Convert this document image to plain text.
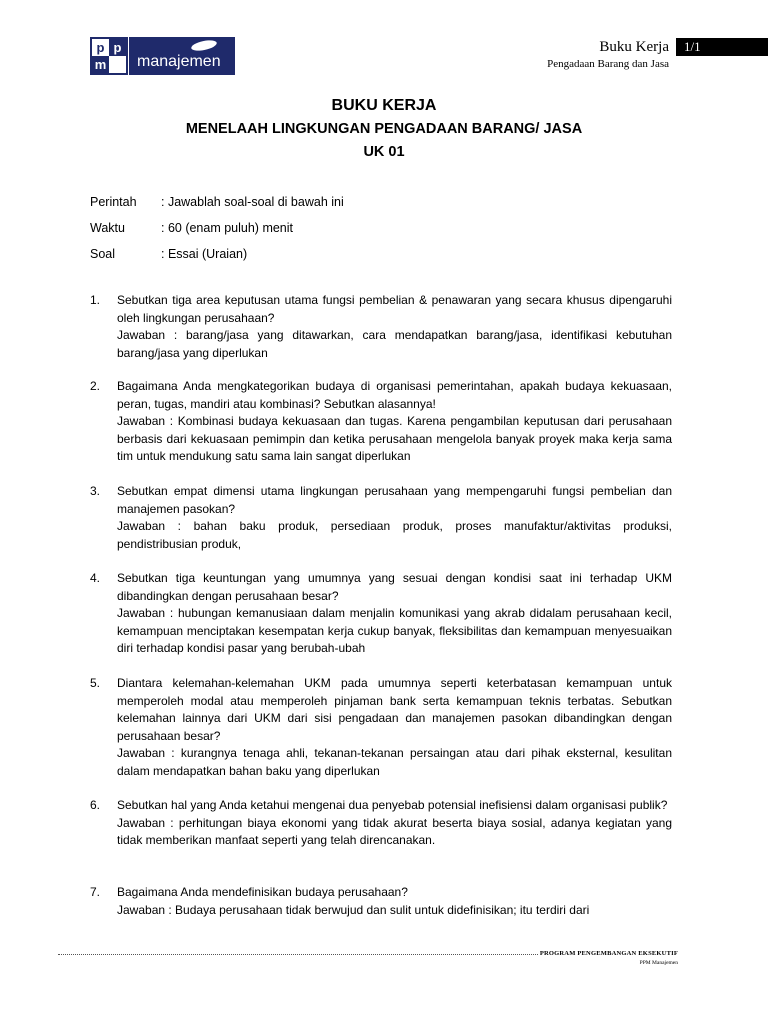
p p
m manajemen
Buku Kerja	1/1
Pengadaan Barang dan Jasa
BUKU KERJA
MENELAAH LINGKUNGAN PENGADAAN BARANG/ JASA
UK 01
Perintah : Jawablah soal-soal di bawah ini
Waktu	: 60 (enam puluh) menit
Soal	: Essai (Uraian)
1.	Sebutkan tiga area keputusan utama fungsi pembelian & penawaran yang secara khusus dipengaruhi oleh lingkungan perusahaan?

Jawaban : barang/jasa yang ditawarkan, cara mendapatkan barang/jasa, identifikasi kebutuhan barang/jasa yang diperlukan

2.	Bagaimana Anda mengkategorikan budaya di organisasi pemerintahan, apakah budaya kekuasaan, peran, tugas, mandiri atau kombinasi? Sebutkan alasannya!

Jawaban : Kombinasi budaya kekuasaan dan tugas. Karena pengambilan keputusan dari perusahaan berbasis dari kekuasaan pemimpin dan ketika perusahaan mengelola banyak proyek maka kerja sama tim untuk mendukung satu sama lain sangat diperlukan

3.	Sebutkan empat dimensi utama lingkungan perusahaan yang mempengaruhi fungsi pembelian dan manajemen pasokan?

Jawaban : bahan baku produk, persediaan produk, proses manufaktur/aktivitas produksi, pendistribusian produk,

4.	Sebutkan tiga keuntungan yang umumnya yang sesuai dengan kondisi saat ini terhadap UKM dibandingkan dengan perusahaan besar?

Jawaban : hubungan kemanusiaan dalam menjalin komunikasi yang akrab didalam perusahaan kecil, kemampuan menciptakan kesempatan kerja cukup banyak, fleksibilitas dan kemampuan menyesuaikan diri terhadap kondisi pasar yang berubah-ubah

5.	Diantara kelemahan-kelemahan UKM pada umumnya seperti keterbatasan kemampuan untuk memperoleh modal atau memperoleh pinjaman bank serta kemampuan teknis terbatas. Sebutkan kelemahan lainnya dari UKM dari sisi pengadaan dan manajemen pasokan dibandingkan dengan perusahaan besar?

Jawaban : kurangnya tenaga ahli, tekanan-tekanan persaingan atau dari pihak eksternal, kesulitan dalam mendapatkan bahan baku yang diperlukan

6.	Sebutkan hal yang Anda ketahui mengenai dua penyebab potensial inefisiensi dalam organisasi publik?

Jawaban : perhitungan biaya ekonomi yang tidak akurat beserta biaya sosial, adanya kegiatan yang tidak memberikan manfaat seperti yang telah direncanakan.

7.	Bagaimana Anda mendefinisikan budaya perusahaan?

Jawaban : Budaya perusahaan tidak berwujud dan sulit untuk didefinisikan; itu terdiri dari

PROGRAM PENGEMBANGAN EKSEKUTIF
PPM Manajemen
